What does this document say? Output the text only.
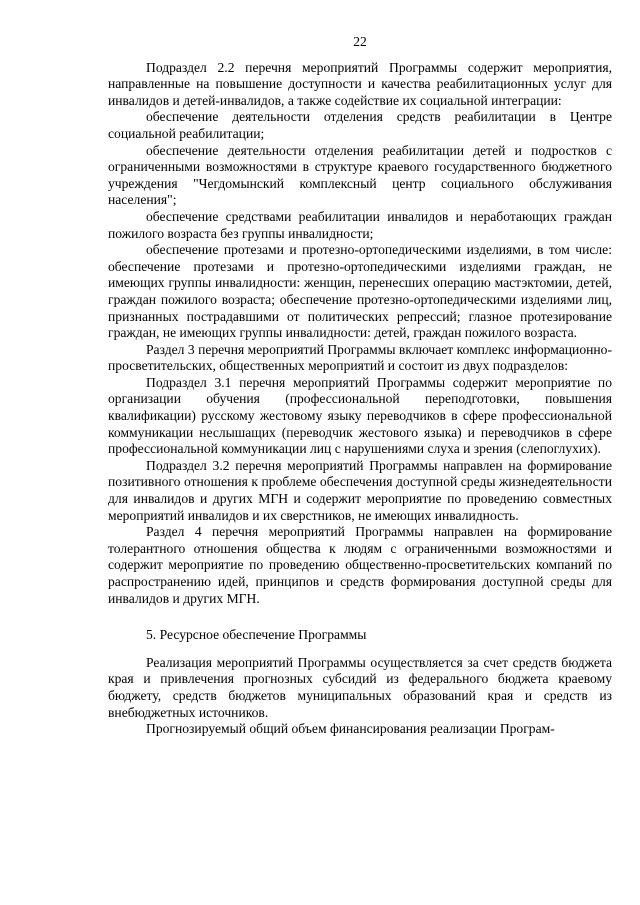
22

Подраздел 2.2 перечня мероприятий Программы содержит мероприятия, направленные на повышение доступности и качества реабилитационных услуг для инвалидов и детей-инвалидов, а также содействие их социальной интеграции:

обеспечение деятельности отделения средств реабилитации в Центре социальной реабилитации;

обеспечение деятельности отделения реабилитации детей и подростков с ограниченными возможностями в структуре краевого государственного бюджетного учреждения "Чегдомынский комплексный центр социального обслуживания населения";

обеспечение средствами реабилитации инвалидов и неработающих граждан пожилого возраста без группы инвалидности;

обеспечение протезами и протезно-ортопедическими изделиями, в том числе: обеспечение протезами и протезно-ортопедическими изделиями граждан, не имеющих группы инвалидности: женщин, перенесших операцию мастэктомии, детей, граждан пожилого возраста; обеспечение протезно-ортопедическими изделиями лиц, признанных пострадавшими от политических репрессий; глазное протезирование граждан, не имеющих группы инвалидности: детей, граждан пожилого возраста.

Раздел 3 перечня мероприятий Программы включает комплекс информационно-просветительских, общественных мероприятий и состоит из двух подразделов:

Подраздел 3.1 перечня мероприятий Программы содержит мероприятие по организации обучения (профессиональной переподготовки, повышения квалификации) русскому жестовому языку переводчиков в сфере профессиональной коммуникации неслышащих (переводчик жестового языка) и переводчиков в сфере профессиональной коммуникации лиц с нарушениями слуха и зрения (слепоглухих).

Подраздел 3.2 перечня мероприятий Программы направлен на формирование позитивного отношения к проблеме обеспечения доступной среды жизнедеятельности для инвалидов и других МГН и содержит мероприятие по проведению совместных мероприятий инвалидов и их сверстников, не имеющих инвалидность.

Раздел 4 перечня мероприятий Программы направлен на формирование толерантного отношения общества к людям с ограниченными возможностями и содержит мероприятие по проведению общественно-просветительских компаний по распространению идей, принципов и средств формирования доступной среды для инвалидов и других МГН.

5. Ресурсное обеспечение Программы

Реализация мероприятий Программы осуществляется за счет средств бюджета края и привлечения прогнозных субсидий из федерального бюджета краевому бюджету, средств бюджетов муниципальных образований края и средств из внебюджетных источников.

Прогнозируемый общий объем финансирования реализации Програм-
